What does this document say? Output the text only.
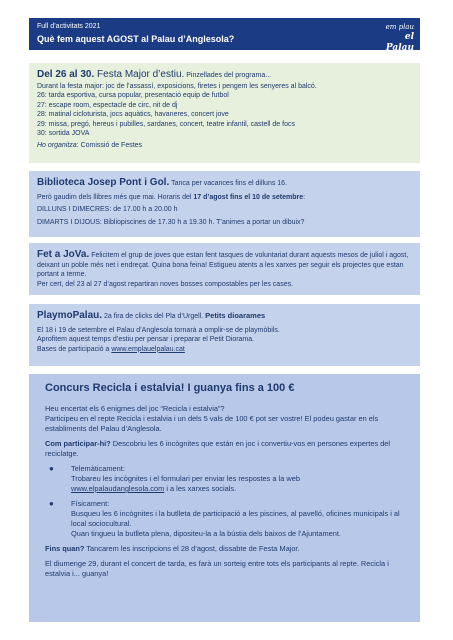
Full d’activitats 2021
Què fem aquest AGOST al Palau d’Anglesola?
em plau
el Palau
Del 26 al 30. Festa Major d’estiu. Pinzellades del programa...
Durant la festa major: joc de l’assassí, exposicions, firetes i pengem les senyeres al balcó.
26: tarda esportiva, cursa popular, presentació equip de futbol
27: escape room, espectacle de circ, nit de dj
28: matinal cicloturista, jocs aquàtics, havaneres, concert jove
29: missa, pregó, hereus i pubilles, sardanes, concert, teatre infantil, castell de focs
30: sortida JOVA
Ho organitza: Comissió de Festes
Biblioteca Josep Pont i Gol. Tanca per vacances fins el dilluns 16.
Però gaudim dels llibres més que mai. Horaris del 17 d’agost fins el 10 de setembre:
DILLUNS I DIMECRES: de 17.00 h a 20.00 h
DIMARTS I DIJOUS: Bibliopiscines de 17.30 h a 19.30 h. T’animes a portar un dibuix?
Fet a JoVa. Felicitem el grup de joves que estan fent tasques de voluntariat durant aquests mesos de juliol i agost, deixant un poble més net i endreçat. Quina bona feina! Estigueu atents a les xarxes per seguir els projectes que estan portant a terme.
Per cert, del 23 al 27 d’agost repartiran noves bosses compostables per les cases.
PlaymoPalau. 2a fira de clicks del Pla d’Urgell. Petits dioarames
El 18 i 19 de setembre el Palau d’Anglesola tornarà a omplir-se de playmòbils.
Aprofitem aquest temps d’estiu per pensar i preparar el Petit Diorama.
Bases de participació a www.emplauelpalau.cat
Concurs Recicla i estalvia! I guanya fins a 100 €
Heu encertat els 6 enigmes del joc “Recicla i estalvia”?
Participeu en el repte Recicla i estalvia i un dels 5 vals de 100 € pot ser vostre! El podeu gastar en els establiments del Palau d’Anglesola.
Com participar-hi? Descobriu les 6 incògnites que están en joc i convertiu-vos en persones expertes del reciclatge.
● Telemàticament:
Trobareu les incògnites i el formulari per enviar les respostes a la web
www.elpalaudanglesola.com i a les xarxes socials.
● Físicament:
Busqueu les 6 incògnites i la butlleta de participació a les piscines, al pavelló, oficines municipals i al local sociocultural.
Quan tingueu la butlleta plena, dipositeu-la a la bústia dels baixos de l’Ajuntament.
Fins quan? Tancarem les inscripcions el 28 d’agost, dissabte de Festa Major.
El diumenge 29, durant el concert de tarda, es farà un sorteig entre tots els participants al repte. Recicla i estalvia i... guanya!
